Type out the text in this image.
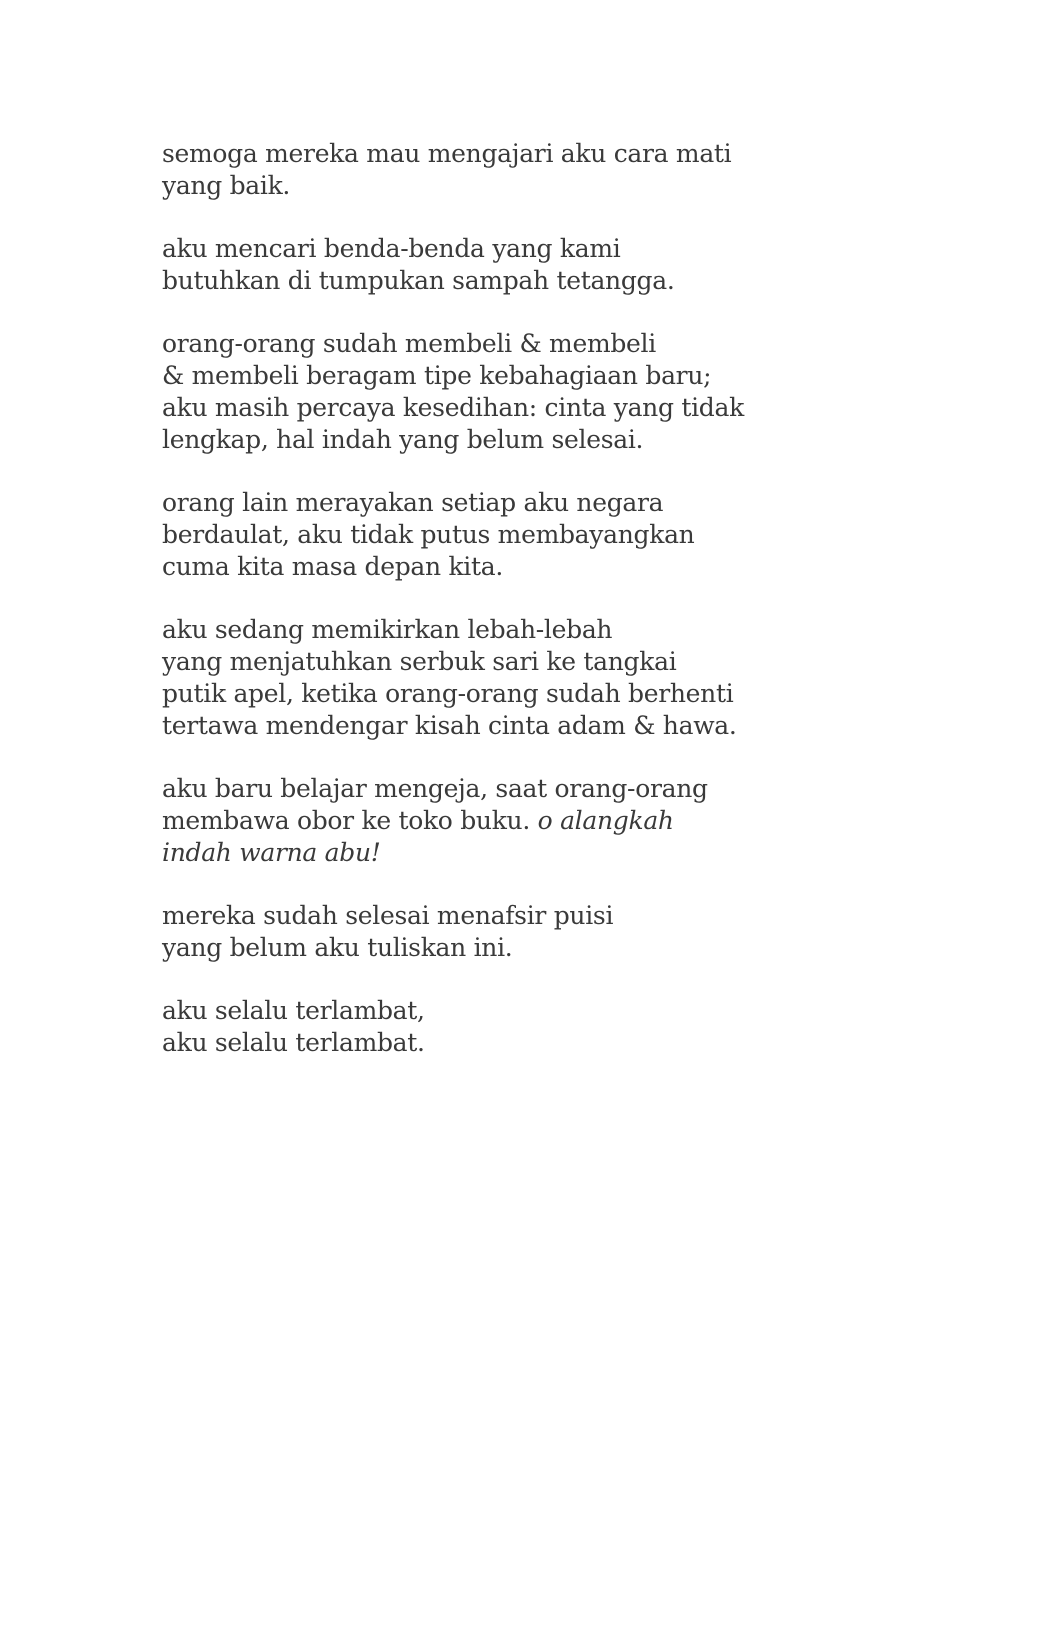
semoga mereka mau mengajari aku cara mati
yang baik.
aku mencari benda-benda yang kami
butuhkan di tumpukan sampah tetangga.
orang-orang sudah membeli & membeli
& membeli beragam tipe kebahagiaan baru;
aku masih percaya kesedihan: cinta yang tidak
lengkap, hal indah yang belum selesai.
orang lain merayakan setiap aku negara
berdaulat, aku tidak putus membayangkan
cuma kita masa depan kita.
aku sedang memikirkan lebah-lebah
yang menjatuhkan serbuk sari ke tangkai
putik apel, ketika orang-orang sudah berhenti
tertawa mendengar kisah cinta adam & hawa.
aku baru belajar mengeja, saat orang-orang
membawa obor ke toko buku. o alangkah
indah warna abu!
mereka sudah selesai menafsir puisi
yang belum aku tuliskan ini.
aku selalu terlambat,
aku selalu terlambat.
